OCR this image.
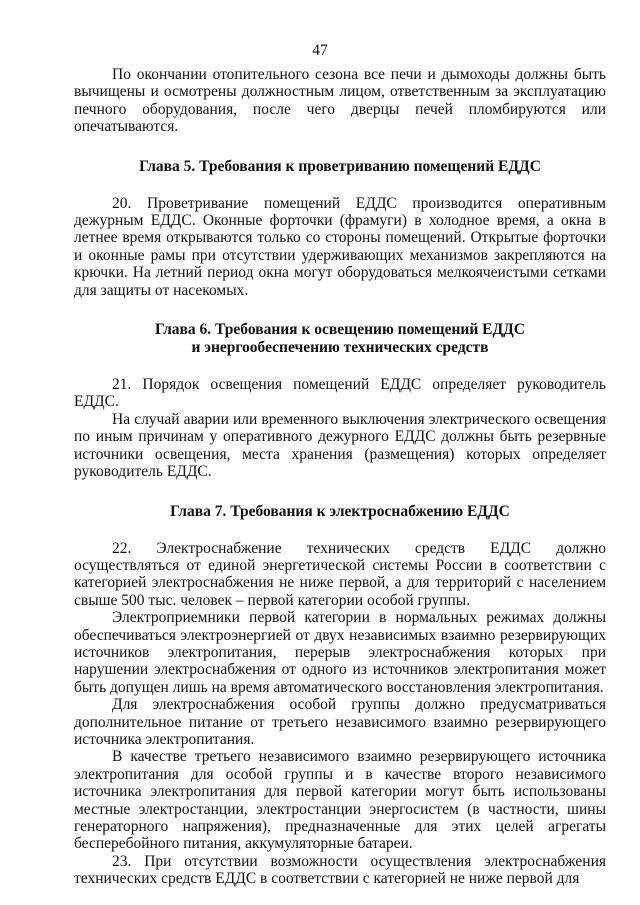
47

По окончании отопительного сезона все печи и дымоходы должны быть вычищены и осмотрены должностным лицом, ответственным за эксплуатацию печного оборудования, после чего дверцы печей пломбируются или опечатываются.

Глава 5. Требования к проветриванию помещений ЕДДС

20. Проветривание помещений ЕДДС производится оперативным дежурным ЕДДС. Оконные форточки (фрамуги) в холодное время, а окна в летнее время открываются только со стороны помещений. Открытые форточки и оконные рамы при отсутствии удерживающих механизмов закрепляются на крючки. На летний период окна могут оборудоваться мелкоячеистыми сетками для защиты от насекомых.

Глава 6. Требования к освещению помещений ЕДДС
и энергообеспечению технических средств

21. Порядок освещения помещений ЕДДС определяет руководитель ЕДДС.

На случай аварии или временного выключения электрического освещения по иным причинам у оперативного дежурного ЕДДС должны быть резервные источники освещения, места хранения (размещения) которых определяет руководитель ЕДДС.

Глава 7. Требования к электроснабжению ЕДДС

22. Электроснабжение технических средств ЕДДС должно осуществляться от единой энергетической системы России в соответствии с категорией электроснабжения не ниже первой, а для территорий с населением свыше 500 тыс. человек – первой категории особой группы.

Электроприемники первой категории в нормальных режимах должны обеспечиваться электроэнергией от двух независимых взаимно резервирующих источников электропитания, перерыв электроснабжения которых при нарушении электроснабжения от одного из источников электропитания может быть допущен лишь на время автоматического восстановления электропитания.

Для электроснабжения особой группы должно предусматриваться дополнительное питание от третьего независимого взаимно резервирующего источника электропитания.

В качестве третьего независимого взаимно резервирующего источника электропитания для особой группы и в качестве второго независимого источника электропитания для первой категории могут быть использованы местные электростанции, электростанции энергосистем (в частности, шины генераторного напряжения), предназначенные для этих целей агрегаты бесперебойного питания, аккумуляторные батареи.

23. При отсутствии возможности осуществления электроснабжения технических средств ЕДДС в соответствии с категорией не ниже первой для
